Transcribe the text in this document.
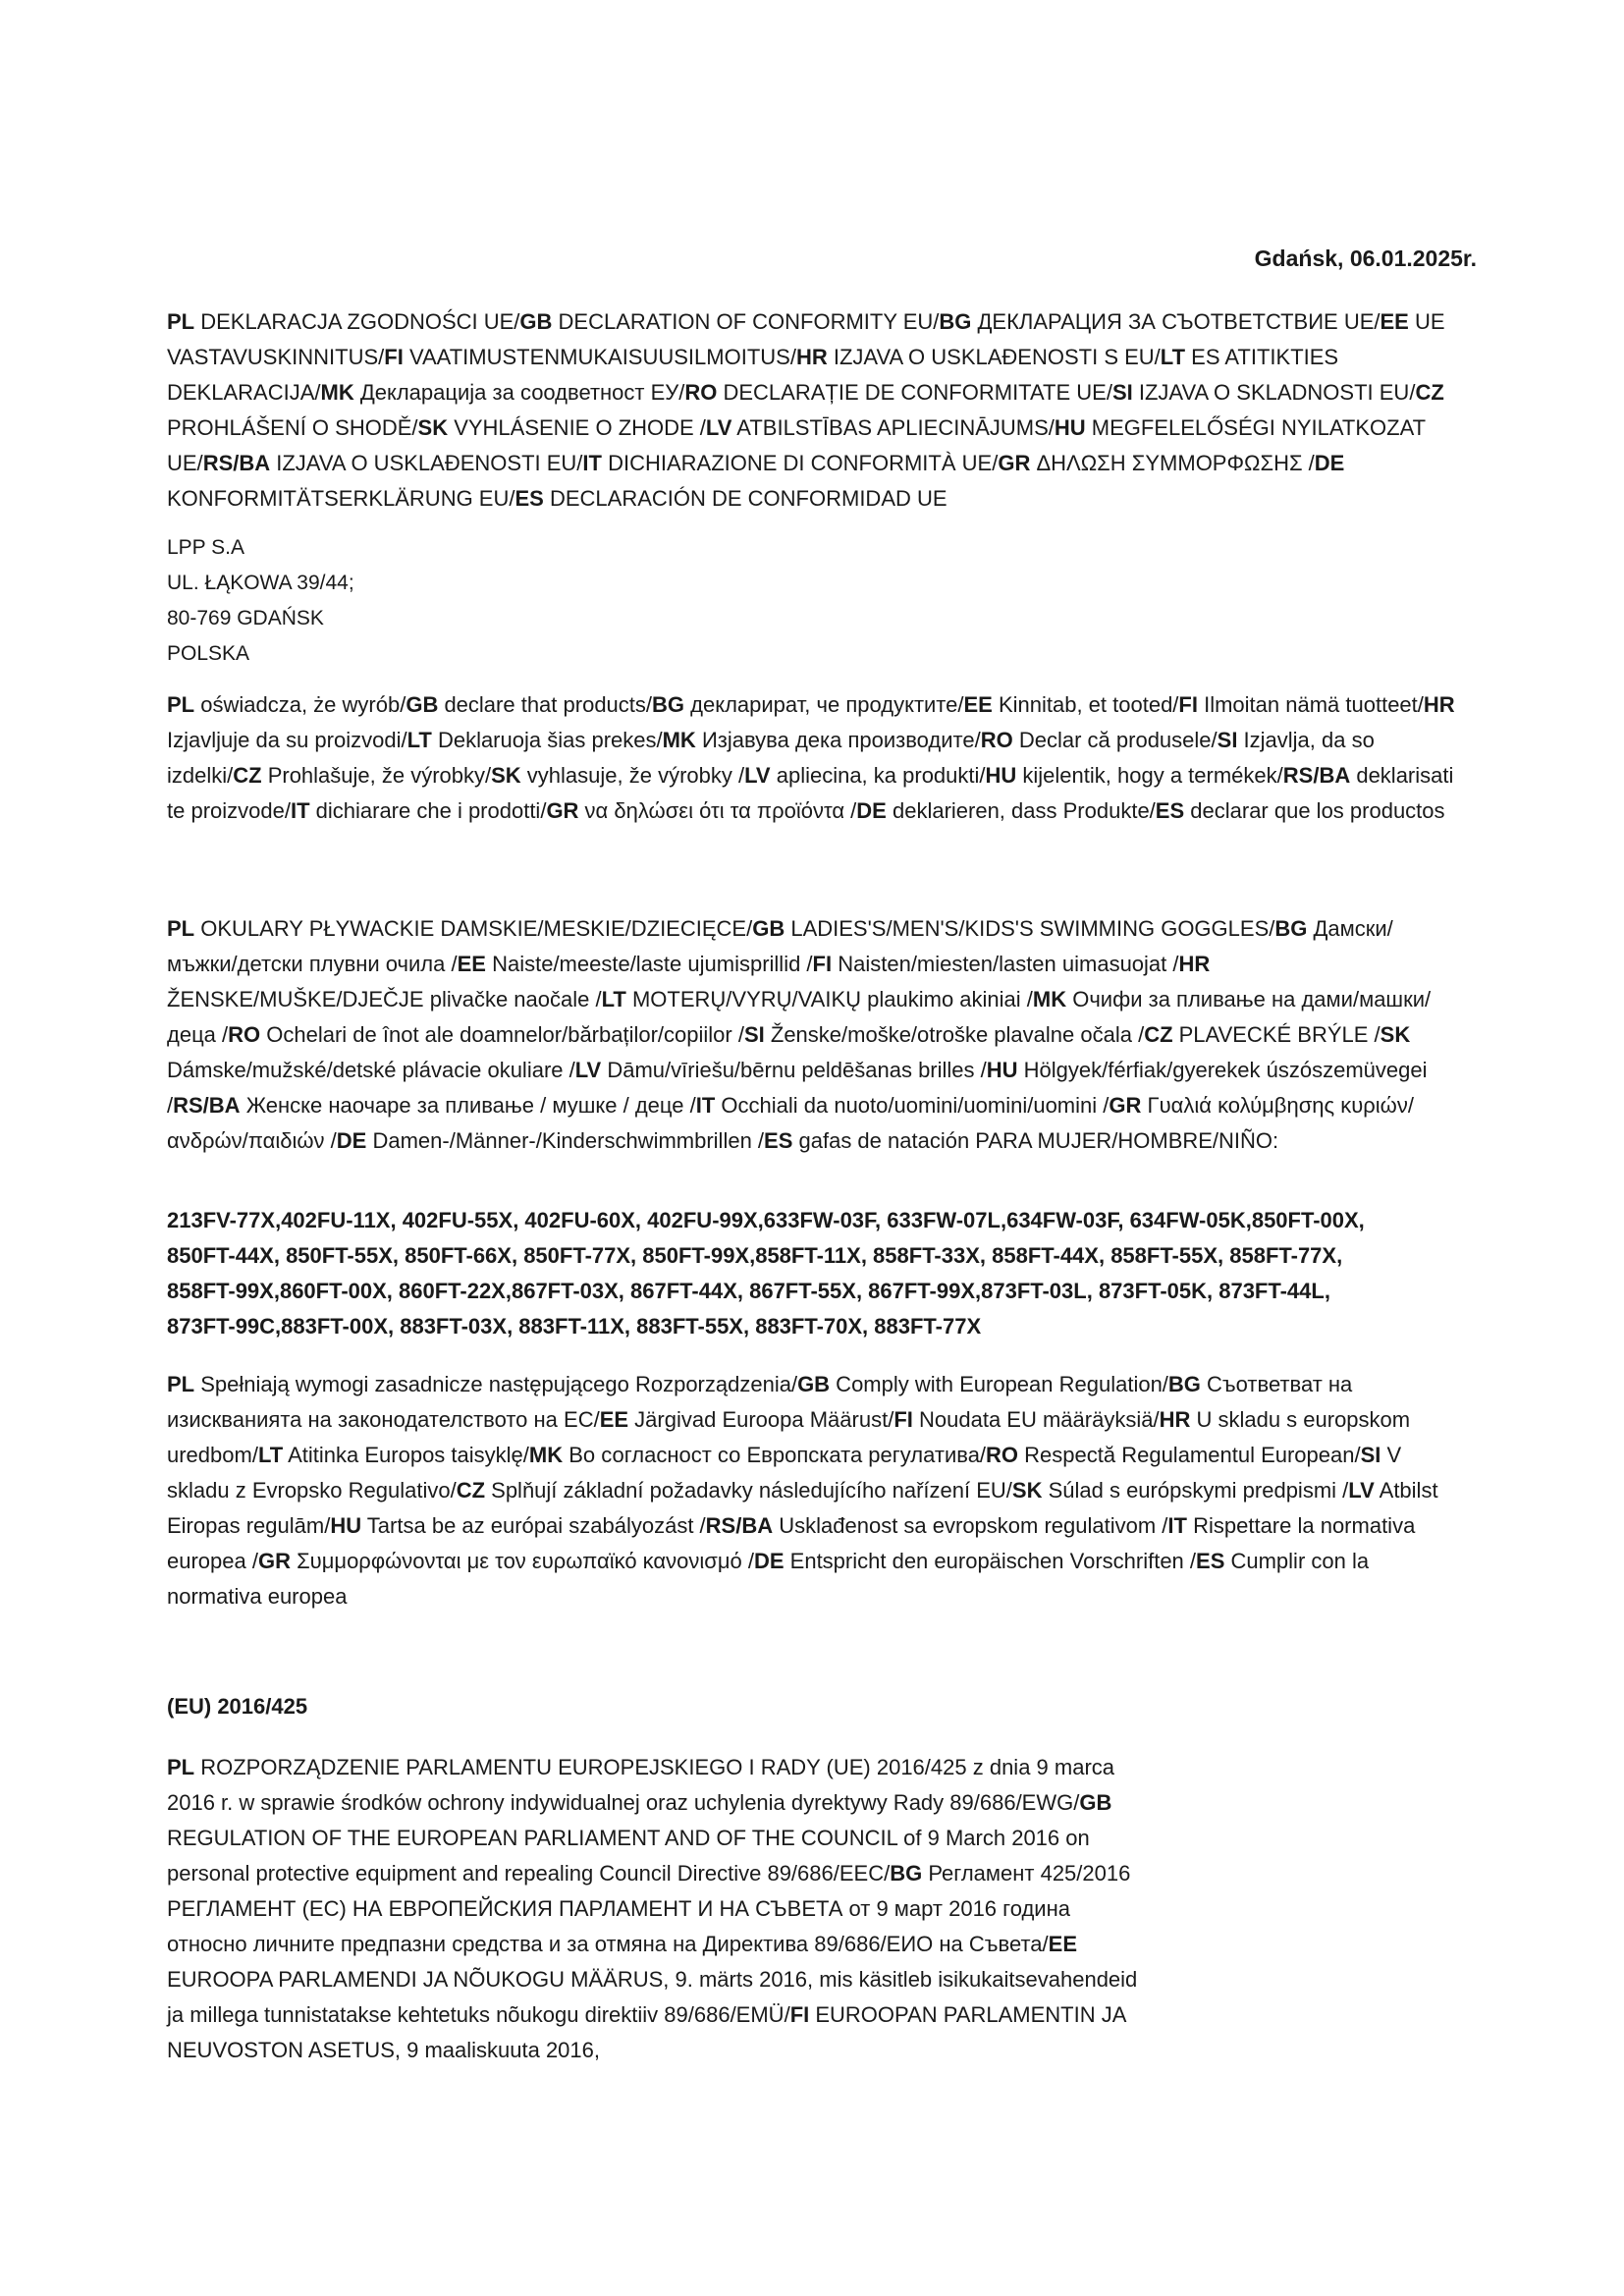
Gdańsk, 06.01.2025r.
PL DEKLARACJA ZGODNOŚCI UE/GB DECLARATION OF CONFORMITY EU/BG ДЕКЛАРАЦИЯ ЗА СЪОТВЕТСТВИЕ UE/EE UE VASTAVUSKINNITUS/FI VAATIMUSTENMUKAISUUSILMOITUS/HR IZJAVA O USKLAĐENOSTI S EU/LT ES ATITIKTIES DEKLARACIJA/MK Декларација за соодветност ЕУ/RO DECLARAȚIE DE CONFORMITATE UE/SI IZJAVA O SKLADNOSTI EU/CZ PROHLÁŠENÍ O SHODĚ/SK VYHLÁSENIE O ZHODE /LV ATBILSTĪBAS APLIECINĀJUMS/HU MEGFELELŐSÉGI NYILATKOZAT UE/RS/BA IZJAVA O USKLAĐENOSTI EU/IT DICHIARAZIONE DI CONFORMITÀ UE/GR ΔΗΛΩΣΗ ΣΥΜΜΟΡΦΩΣΗΣ /DE KONFORMITÄTSERKLÄRUNG EU/ES DECLARACIÓN DE CONFORMIDAD UE
LPP S.A
UL. ŁĄKOWA 39/44;
80-769 GDAŃSK
POLSKA
PL oświadcza, że wyrób/GB declare that products/BG декларират, че продуктите/EE Kinnitab, et tooted/FI Ilmoitan nämä tuotteet/HR Izjavljuje da su proizvodi/LT Deklaruoja šias prekes/MK Изјавува дека производите/RO Declar că produsele/SI Izjavlja, da so izdelki/CZ Prohlašuje, že výrobky/SK vyhlasuje, že výrobky /LV apliecina, ka produkti/HU kijelentik, hogy a termékek/RS/BA deklarisati te proizvode/IT dichiarare che i prodotti/GR να δηλώσει ότι τα προϊόντα /DE deklarieren, dass Produkte/ES declarar que los productos
PL OKULARY PŁYWACKIE DAMSKIE/MESKIE/DZIECIĘCE/GB LADIES'S/MEN'S/KIDS'S SWIMMING GOGGLES/BG Дамски/мъжки/детски плувни очила /EE Naiste/meeste/laste ujumisprillid /FI Naisten/miesten/lasten uimasuojat /HR ŽENSKE/MUŠKE/DJEČJE plivačke naočale /LT MOTERŲ/VYRŲ/VAIKŲ plaukimo akiniai /MK Очифи за пливање на дами/машки/деца /RO Ochelari de înot ale doamnelor/bărbaților/copiilor /SI Ženske/moške/otroške plavalne očala /CZ PLAVECKÉ BRÝLE /SK Dámske/mužské/detské plávacie okuliare /LV Dāmu/vīriešu/bērnu peldēšanas brilles /HU Hölgyek/férfiak/gyerekek úszószemüvegei /RS/BA Женске наочаре за пливање / мушке / деце /IT Occhiali da nuoto/uomini/uomini/uomini /GR Γυαλιά κολύμβησης κυριών/ανδρών/παιδιών /DE Damen-/Männer-/Kinderschwimmbrillen /ES gafas de natación PARA MUJER/HOMBRE/NIÑO:
213FV-77X,402FU-11X, 402FU-55X, 402FU-60X, 402FU-99X,633FW-03F, 633FW-07L,634FW-03F, 634FW-05K,850FT-00X,
850FT-44X, 850FT-55X, 850FT-66X, 850FT-77X, 850FT-99X,858FT-11X, 858FT-33X, 858FT-44X, 858FT-55X, 858FT-77X,
858FT-99X,860FT-00X, 860FT-22X,867FT-03X, 867FT-44X, 867FT-55X, 867FT-99X,873FT-03L, 873FT-05K, 873FT-44L,
873FT-99C,883FT-00X, 883FT-03X, 883FT-11X, 883FT-55X, 883FT-70X, 883FT-77X
PL Spełniają wymogi zasadnicze następującego Rozporządzenia/GB Comply with European Regulation/BG Съответват на изискванията на законодателството на ЕС/EE Järgivad Euroopa Määrust/FI Noudata EU määräyksiä/HR U skladu s europskom uredbom/LT Atitinka Europos taisyklę/MK Во согласност со Европската регулатива/RO Respectă Regulamentul European/SI V skladu z Evropsko Regulativo/CZ Splňují základní požadavky následujícího nařízení EU/SK Súlad s európskymi predpismi /LV Atbilst Eiropas regulām/HU Tartsa be az európai szabályozást /RS/BA Usklađenost sa evropskom regulativom /IT Rispettare la normativa europea /GR Συμμορφώνονται με τον ευρωπαϊκό κανονισμό /DE Entspricht den europäischen Vorschriften /ES Cumplir con la normativa europea
(EU) 2016/425
PL ROZPORZĄDZENIE PARLAMENTU EUROPEJSKIEGO I RADY (UE) 2016/425 z dnia 9 marca 2016 r. w sprawie środków ochrony indywidualnej oraz uchylenia dyrektywy Rady 89/686/EWG/GB REGULATION OF THE EUROPEAN PARLIAMENT AND OF THE COUNCIL of 9 March 2016 on personal protective equipment and repealing Council Directive 89/686/EEC/BG Регламент 425/2016 РЕГЛАМЕНТ (ЕС) НА ЕВРОПЕЙСКИЯ ПАРЛАМЕНТ И НА СЪВЕТА от 9 март 2016 година относно личните предпазни средства и за отмяна на Директива 89/686/ЕИО на Съвета/EE EUROOPA PARLAMENDI JA NÕUKOGU MÄÄRUS, 9. märts 2016, mis käsitleb isikukaitsevahendeid ja millega tunnistatakse kehtetuks nõukogu direktiiv 89/686/EMÜ/FI EUROOPAN PARLAMENTIN JA NEUVOSTON ASETUS, 9 maaliskuuta 2016,
